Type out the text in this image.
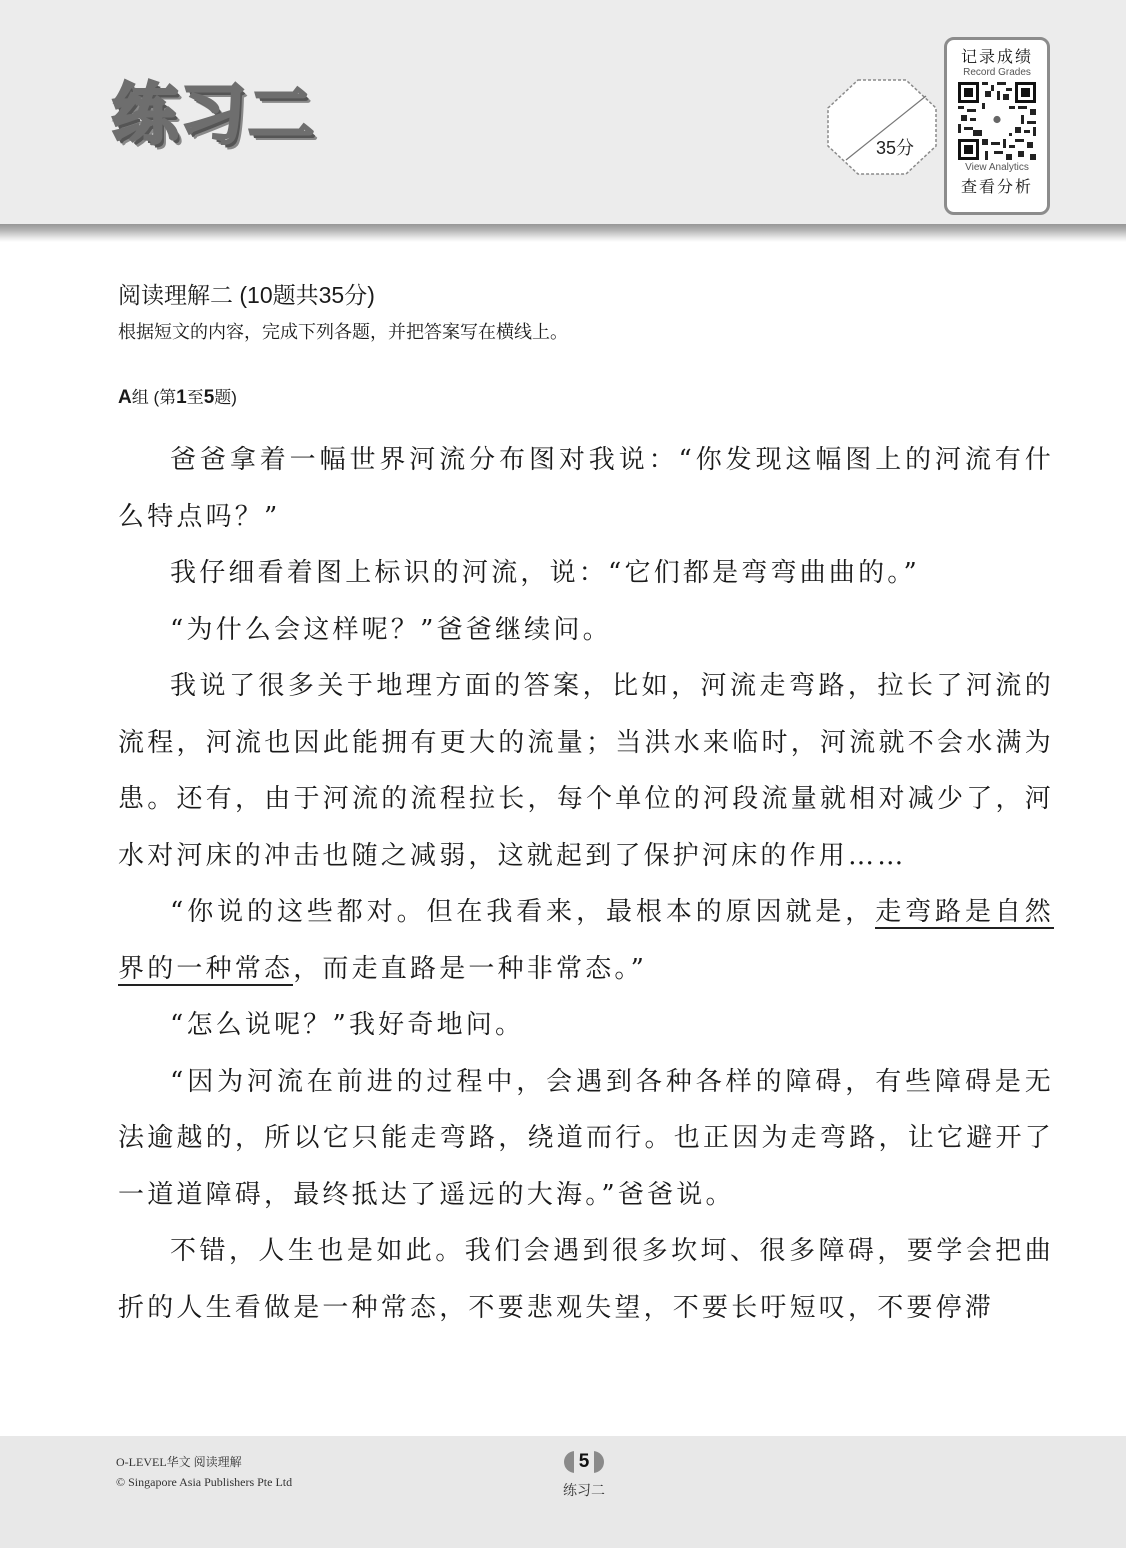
练习二	35分
记录成绩
Record Grades
View Analytics
查看分析
阅读理解二 (10题共35分)
根据短文的内容，完成下列各题，并把答案写在横线上。
A组 (第1至5题)

爸爸拿着一幅世界河流分布图对我说：“你发现这幅图上的河流有什么特点吗？”

我仔细看着图上标识的河流，说：“它们都是弯弯曲曲的。”

“为什么会这样呢？”爸爸继续问。

我说了很多关于地理方面的答案，比如，河流走弯路，拉长了河流的流程，河流也因此能拥有更大的流量；当洪水来临时，河流就不会水满为患。还有，由于河流的流程拉长，每个单位的河段流量就相对减少了，河水对河床的冲击也随之减弱，这就起到了保护河床的作用……

“你说的这些都对。但在我看来，最根本的原因就是，走弯路是自然界的一种常态，而走直路是一种非常态。”

“怎么说呢？”我好奇地问。

“因为河流在前进的过程中，会遇到各种各样的障碍，有些障碍是无法逾越的，所以它只能走弯路，绕道而行。也正因为走弯路，让它避开了一道道障碍，最终抵达了遥远的大海。”爸爸说。

不错，人生也是如此。我们会遇到很多坎坷、很多障碍，要学会把曲折的人生看做是一种常态，不要悲观失望，不要长吁短叹，不要停滞

O-LEVEL华文 阅读理解
© Singapore Asia Publishers Pte Ltd
5
练习二
